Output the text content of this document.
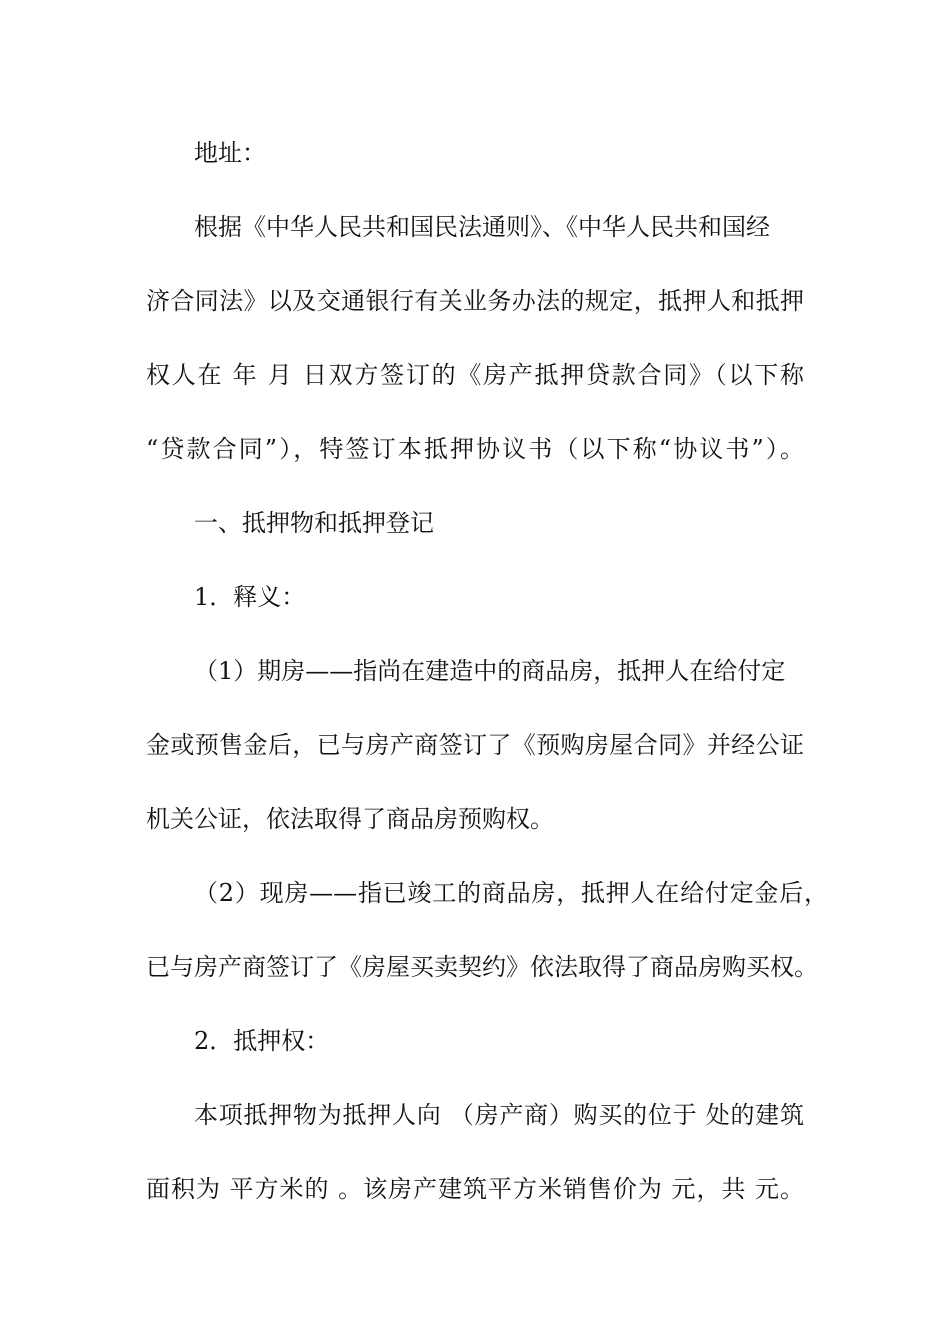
地址：
根据《中华人民共和国民法通则》、《中华人民共和国经
济合同法》以及交通银行有关业务办法的规定，抵押人和抵押
权人在 年 月 日双方签订的《房产抵押贷款合同》（以下称
“贷款合同”），特签订本抵押协议书（以下称“协议书”）。
一、抵押物和抵押登记
1．释义：
（1）期房——指尚在建造中的商品房，抵押人在给付定
金或预售金后，已与房产商签订了《预购房屋合同》并经公证
机关公证，依法取得了商品房预购权。
（2）现房——指已竣工的商品房，抵押人在给付定金后，
已与房产商签订了《房屋买卖契约》依法取得了商品房购买权。
2．抵押权：
本项抵押物为抵押人向 （房产商）购买的位于 处的建筑
面积为 平方米的 。该房产建筑平方米销售价为 元，共 元。
